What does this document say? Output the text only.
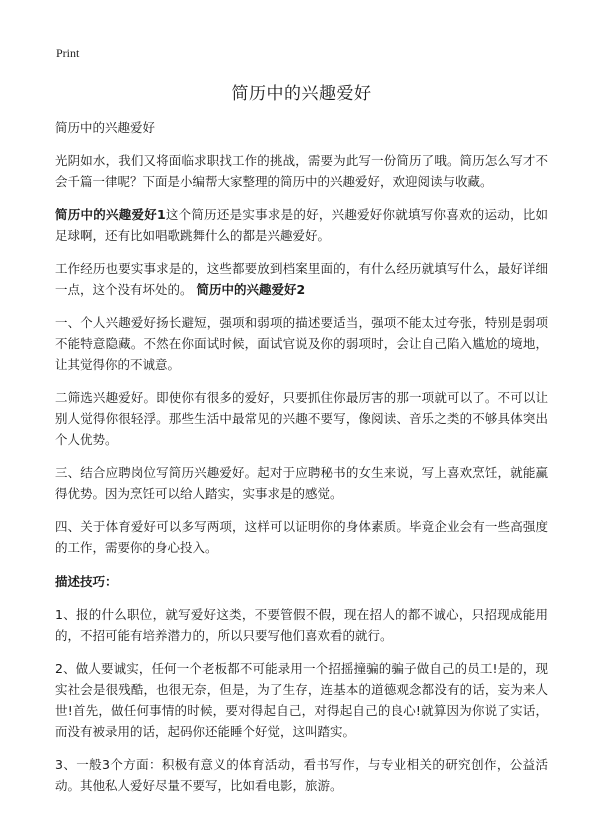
Print
简历中的兴趣爱好

简历中的兴趣爱好

光阴如水，我们又将面临求职找工作的挑战，需要为此写一份简历了哦。简历怎么写才不会千篇一律呢？下面是小编帮大家整理的简历中的兴趣爱好，欢迎阅读与收藏。

简历中的兴趣爱好1这个简历还是实事求是的好，兴趣爱好你就填写你喜欢的运动，比如足球啊，还有比如唱歌跳舞什么的都是兴趣爱好。

工作经历也要实事求是的，这些都要放到档案里面的，有什么经历就填写什么，最好详细一点，这个没有坏处的。 简历中的兴趣爱好2

一、个人兴趣爱好扬长避短，强项和弱项的描述要适当，强项不能太过夸张，特别是弱项不能特意隐藏。不然在你面试时候，面试官说及你的弱项时，会让自己陷入尴尬的境地，让其觉得你的不诚意。

二筛选兴趣爱好。即使你有很多的爱好，只要抓住你最厉害的那一项就可以了。不可以让别人觉得你很轻浮。那些生活中最常见的兴趣不要写，像阅读、音乐之类的不够具体突出个人优势。

三、结合应聘岗位写简历兴趣爱好。起对于应聘秘书的女生来说，写上喜欢烹饪，就能赢得优势。因为烹饪可以给人踏实，实事求是的感觉。

四、关于体育爱好可以多写两项，这样可以证明你的身体素质。毕竟企业会有一些高强度的工作，需要你的身心投入。

描述技巧：

1、报的什么职位，就写爱好这类，不要管假不假，现在招人的都不诚心，只招现成能用的，不招可能有培养潜力的，所以只要写他们喜欢看的就行。

2、做人要诚实，任何一个老板都不可能录用一个招摇撞骗的骗子做自己的员工!是的，现实社会是很残酷，也很无奈，但是，为了生存，连基本的道德观念都没有的话，妄为来人世!首先，做任何事情的时候，要对得起自己，对得起自己的良心!就算因为你说了实话，而没有被录用的话，起码你还能睡个好觉，这叫踏实。

3、一般3个方面：积极有意义的体育活动，看书写作，与专业相关的研究创作，公益活动。其他私人爱好尽量不要写，比如看电影，旅游。
